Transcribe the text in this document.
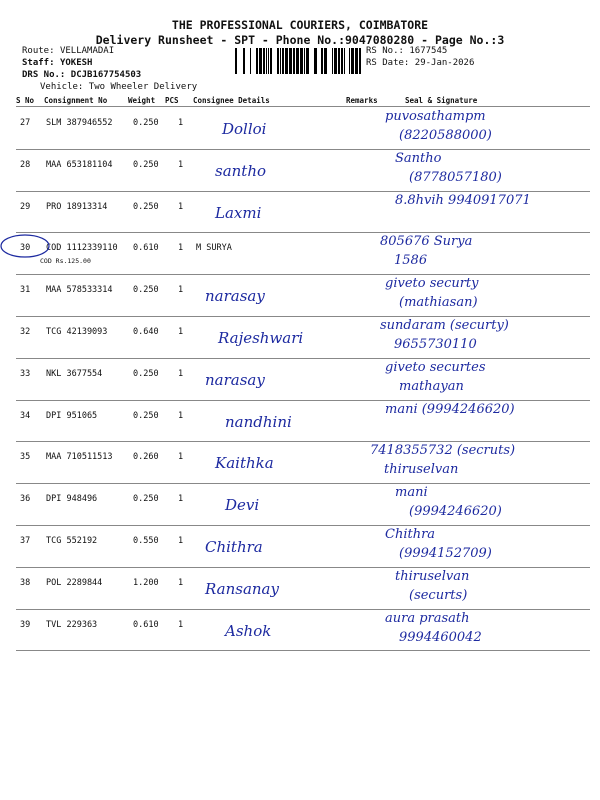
THE PROFESSIONAL COURIERS, COIMBATORE
Delivery Runsheet - SPT - Phone No.:9047080280 - Page No.:3
Route: VELLAMADAI
Staff: YOKESH
DRS No.: DCJB167754503
Vehicle: Two Wheeler Delivery
RS No.: 1677545
RS Date: 29-Jan-2026
S No Consignment No	Weight PCS Consignee Details	Remarks	Seal & Signature
27 SLM 387946552 0.250 1	Dolloi
puvosathampm
(8220588000)
28 MAA 653181104 0.250 1 santho
Santho
(8778057180)
29 PRO 18913314	0.250 1 Laxmi
8.8hvih 9940917071
30 COD 1112339110 0.610 1 M SURYA
COD Rs.125.00
805676 Surya
1586
31 MAA 578533314 0.250 1 narasay
giveto securty
(mathiasan)
32 TCG 42139093	0.640 1 Rajeshwari
sundaram (securty)
9655730110
33 NKL 3677554	0.250 1 narasay
giveto securtes
mathayan
34 DPI 951065	0.250 1	nandhini
mani (9994246620)
35 MAA 710511513 0.260 1 Kaithka
7418355732 (secruts)
thiruselvan
36 DPI 948496	0.250 1	Devi
mani
(9994246620)
37 TCG 552192	0.550 1 Chithra
Chithra
(9994152709)
38 POL 2289844	1.200 1 Ransanay
thiruselvan
(securts)
39 TVL 229363	0.610 1	Ashok
aura prasath
9994460042
